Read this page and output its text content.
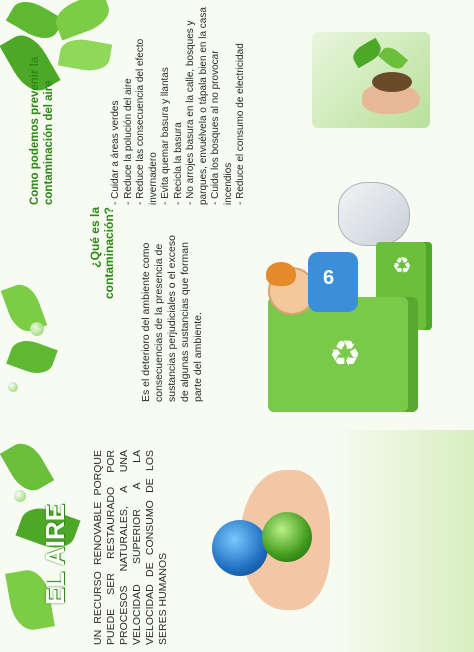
Como podemos prevenir la contaminación del aire	- Cuidar a áreas verdes
- Reduce la polución del aire
- Reduce las consecuencia del efecto invernadero - Evita quemar basura y llantas
- Recicla la basura
- No arrojes basura en la calle, bosques y parques, envuélvela o tápala bien en la casa - Cuida los bosques al no provocar incendios - Reduce el consumo de electricidad
¿Qué es la contaminación? Es el deterioro del ambiente como consecuencias de la presencia de sustancias perjudiciales o el exceso de algunas sustancias que forman parte del ambiente.
♻
♻
6
EL AIRE UN RECURSO RENOVABLE PORQUE PUEDE SER RESTAURADO POR PROCESOS NATURALES, A UNA VELOCIDAD SUPERIOR A LA VELOCIDAD DE CONSUMO DE LOS SERES HUMANOS
